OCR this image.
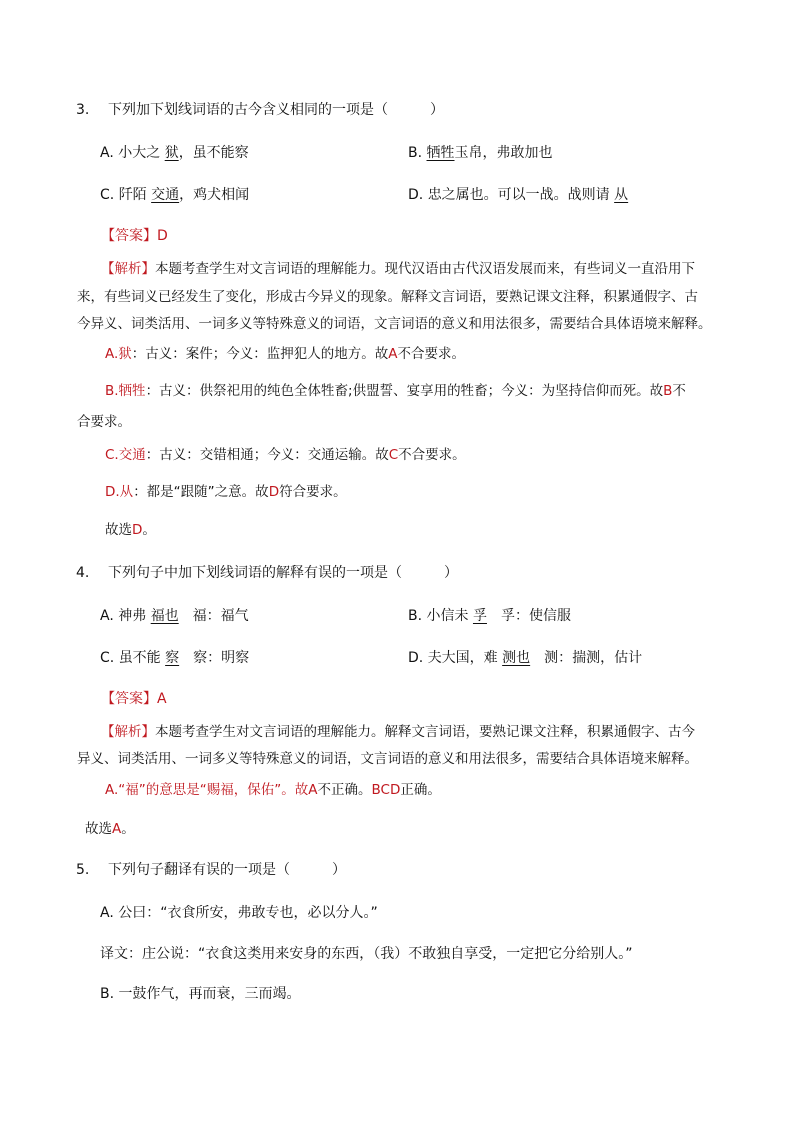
3. 下列加下划线词语的古今含义相同的一项是（　　　）
A. 小大之 狱，虽不能察	B. 牺牲玉帛，弗敢加也
C. 阡陌 交通，鸡犬相闻	D. 忠之属也。可以一战。战则请 从
【答案】D
【解析】本题考查学生对文言词语的理解能力。现代汉语由古代汉语发展而来，有些词义一直沿用下
来，有些词义已经发生了变化，形成古今异义的现象。解释文言词语，要熟记课文注释，积累通假字、古
今异义、词类活用、一词多义等特殊意义的词语，文言词语的意义和用法很多，需要结合具体语境来解释。
A.狱：古义：案件；今义：监押犯人的地方。故A不合要求。
B.牺牲：古义：供祭祀用的纯色全体牲畜;供盟誓、宴享用的牲畜；今义：为坚持信仰而死。故B不
合要求。
C.交通：古义：交错相通；今义：交通运输。故C不合要求。
D.从：都是“跟随”之意。故D符合要求。
故选D。
4. 下列句子中加下划线词语的解释有误的一项是（　　　）
A. 神弗 福也　福：福气	B. 小信未 孚　孚：使信服
C. 虽不能 察　察：明察	D. 夫大国，难 测也　测：揣测，估计
【答案】A
【解析】本题考查学生对文言词语的理解能力。解释文言词语，要熟记课文注释，积累通假字、古今
异义、词类活用、一词多义等特殊意义的词语，文言词语的意义和用法很多，需要结合具体语境来解释。
A.“福”的意思是“赐福，保佑”。故A不正确。BCD正确。
故选A。
5. 下列句子翻译有误的一项是（　　　）
A. 公曰：“衣食所安，弗敢专也，必以分人。”
译文：庄公说：“衣食这类用来安身的东西，（我）不敢独自享受，一定把它分给别人。”
B. 一鼓作气，再而衰，三而竭。
